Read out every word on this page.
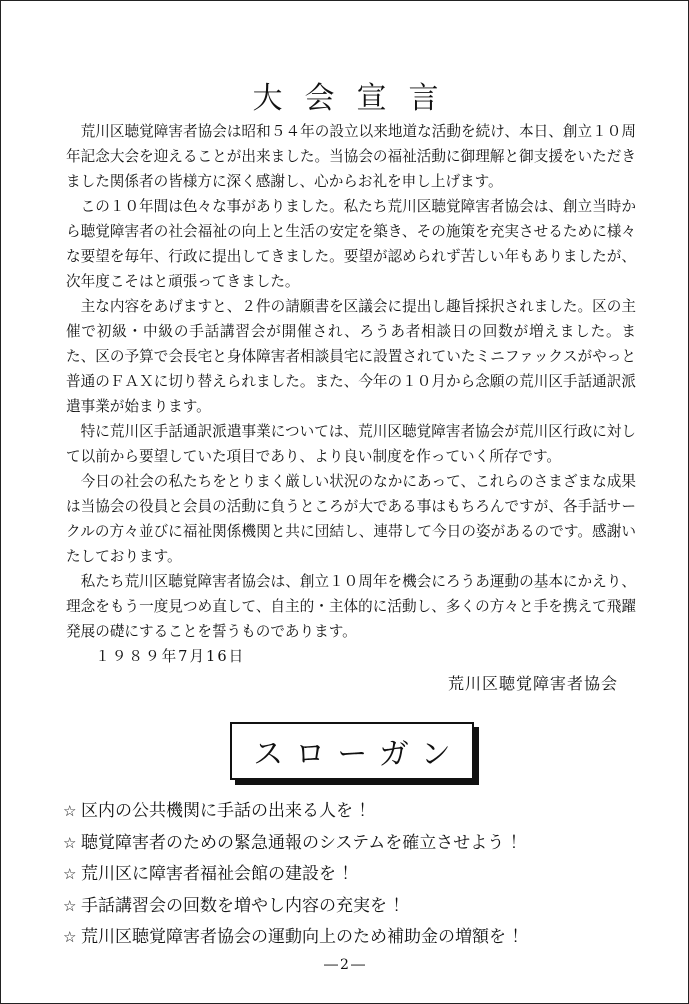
大会宣言

荒川区聴覚障害者協会は昭和５４年の設立以来地道な活動を続け、本日、創立１０周年記念大会を迎えることが出来ました。当協会の福祉活動に御理解と御支援をいただきました関係者の皆様方に深く感謝し、心からお礼を申し上げます。

この１０年間は色々な事がありました。私たち荒川区聴覚障害者協会は、創立当時から聴覚障害者の社会福祉の向上と生活の安定を築き、その施策を充実させるために様々な要望を毎年、行政に提出してきました。要望が認められず苦しい年もありましたが、次年度こそはと頑張ってきました。

主な内容をあげますと、２件の請願書を区議会に提出し趣旨採択されました。区の主催で初級・中級の手話講習会が開催され、ろうあ者相談日の回数が増えました。また、区の予算で会長宅と身体障害者相談員宅に設置されていたミニファックスがやっと普通のＦＡＸに切り替えられました。また、今年の１０月から念願の荒川区手話通訳派遣事業が始まります。

特に荒川区手話通訳派遣事業については、荒川区聴覚障害者協会が荒川区行政に対して以前から要望していた項目であり、より良い制度を作っていく所存です。

今日の社会の私たちをとりまく厳しい状況のなかにあって、これらのさまざまな成果は当協会の役員と会員の活動に負うところが大である事はもちろんですが、各手話サークルの方々並びに福祉関係機関と共に団結し、連帯して今日の姿があるのです。感謝いたしております。

私たち荒川区聴覚障害者協会は、創立１０周年を機会にろうあ運動の基本にかえり、理念をもう一度見つめ直して、自主的・主体的に活動し、多くの方々と手を携えて飛躍発展の礎にすることを誓うものであります。

１９８９年7月16日

荒川区聴覚障害者協会
スローガン
☆ 区内の公共機関に手話の出来る人を ！
☆ 聴覚障害者のための緊急通報のシステムを確立させよう ！
☆ 荒川区に障害者福祉会館の建設を ！
☆ 手話講習会の回数を増やし内容の充実を ！
☆ 荒川区聴覚障害者協会の運動向上のため補助金の増額を ！
―2―
